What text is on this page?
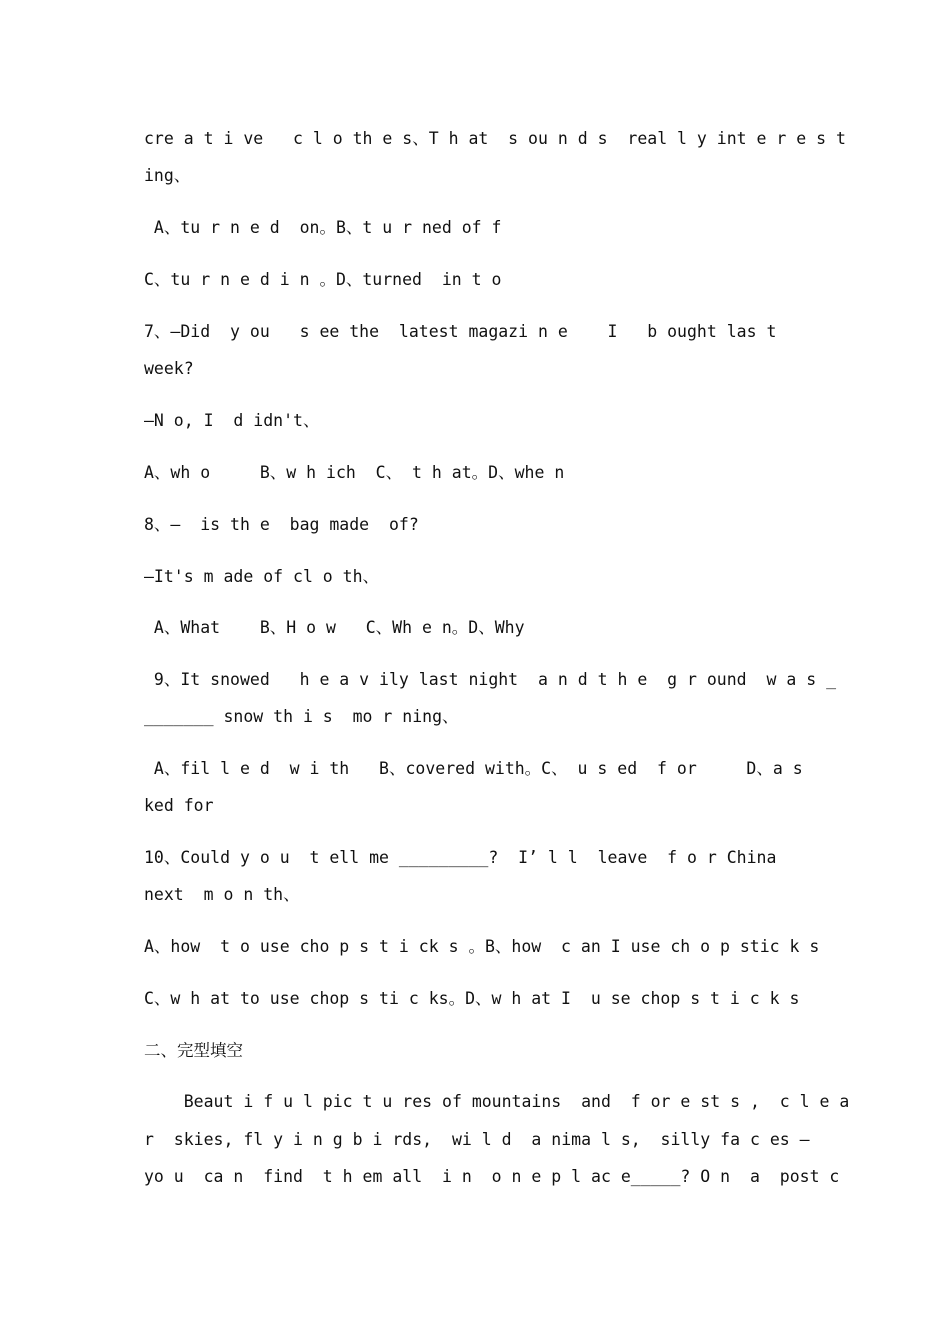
cre a t i ve   c l o th e s、T h at  s ou n d s  real l y int e r e s t
ing、
A、tu r n e d  on。B、t u r ned of f
C、tu r n e d i n 。D、turned  in t o
7、—Did  y ou   s ee the  latest magazi n e    I   b ought las t
week?
—N o, I  d idn't、
A、wh o     B、w h ich  C、 t h at。D、whe n
8、—  is th e  bag made  of?
—It's m ade of cl o th、
A、What    B、H o w   C、Wh e n。D、Why
9、It snowed   h e a v ily last night  a n d t h e  g r ound  w a s _
_______ snow th i s  mo r ning、
A、fil l e d  w i th   B、covered with。C、 u s ed  f or     D、a s
ked for
10、Could y o u  t ell me _________?  I’ l l  leave  f o r China
next  m o n th、
A、how  t o use cho p s t i ck s 。B、how  c an I use ch o p stic k s
C、w h at to use chop s ti c ks。D、w h at I  u se chop s t i c k s
二、完型填空
Beaut i f u l pic t u res of mountains  and  f or e st s ,  c l e a
r  skies, fl y i n g b i rds,  wi l d  a nima l s,  silly fa c es —
yo u  ca n  find  t h em all  i n  o n e p l ac e_____? O n  a  post c
